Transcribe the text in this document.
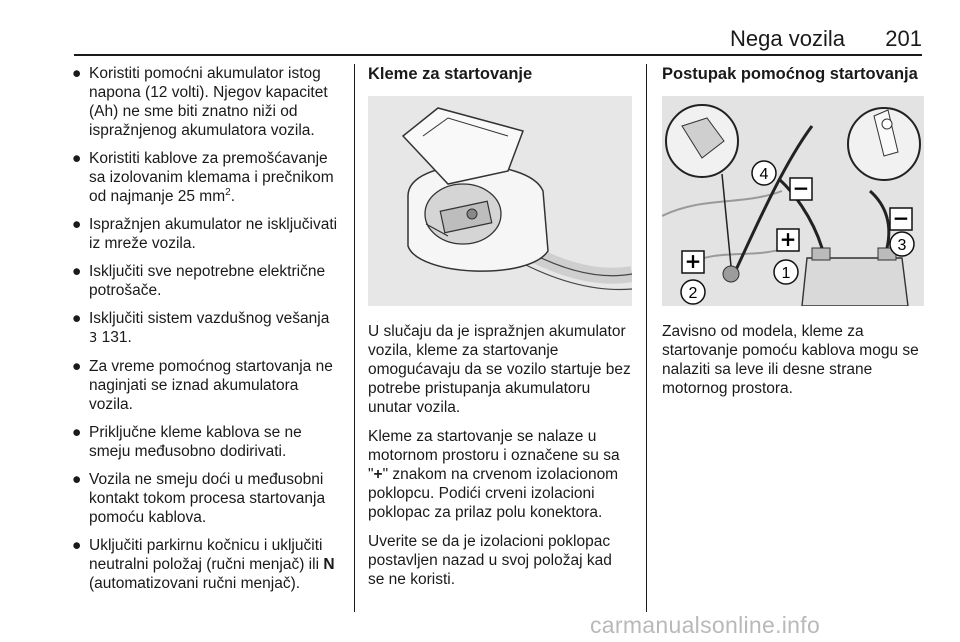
Nega vozila 201
● Koristiti pomoćni akumulator istog napona (12 volti). Njegov kapacitet (Ah) ne sme biti znatno niži od ispražnjenog akumulatora vozila.
● Koristiti kablove za premošćavanje sa izolovanim klemama i prečnikom od najmanje 25 $mm^2$.
● Ispražnjen akumulator ne isključivati iz mreže vozila.
● Isključiti sve nepotrebne električne potrošače.
● Isključiti sistem vazdušnog vešanja 3 131.
● Za vreme pomoćnog startovanja ne naginjati se iznad akumulatora vozila.
● Priključne kleme kablova se ne smeju međusobno dodirivati.
● Vozila ne smeju doći u međusobni kontakt tokom procesa startovanja pomoću kablova.
● Uključiti parkirnu kočnicu i uključiti neutralni položaj (ručni menjač) ili N (automatizovani ručni menjač).
Kleme za startovanje

U slučaju da je ispražnjen akumulator vozila, kleme za startovanje omogućavaju da se vozilo startuje bez potrebe pristupanja akumulatoru unutar vozila.

Kleme za startovanje se nalaze u motornom prostoru i označene su sa "+" znakom na crvenom izolacionom poklopcu. Podići crveni izolacioni poklopac za prilaz polu konektora.

Uverite se da je izolacioni poklopac postavljen nazad u svoj položaj kad se ne koristi.

Postupak pomoćnog startovanja
+
+
−
−
1
2
3
4

Zavisno od modela, kleme za startovanje pomoću kablova mogu se nalaziti sa leve ili desne strane motornog prostora.

carmanualsonline.info
